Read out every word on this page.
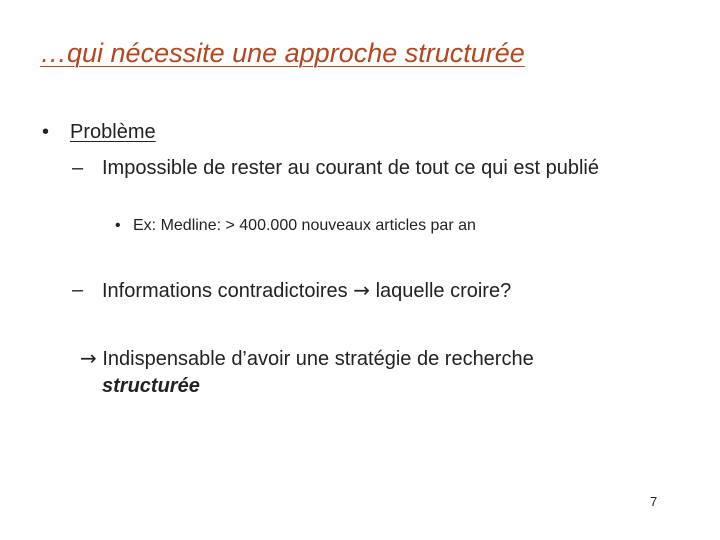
…qui nécessite une approche structurée
• Problème
– Impossible de rester au courant de tout ce qui est publié
• Ex: Medline: > 400.000 nouveaux articles par an
– Informations contradictoires → laquelle croire?
→ Indispensable d’avoir une stratégie de recherche
structurée
7
